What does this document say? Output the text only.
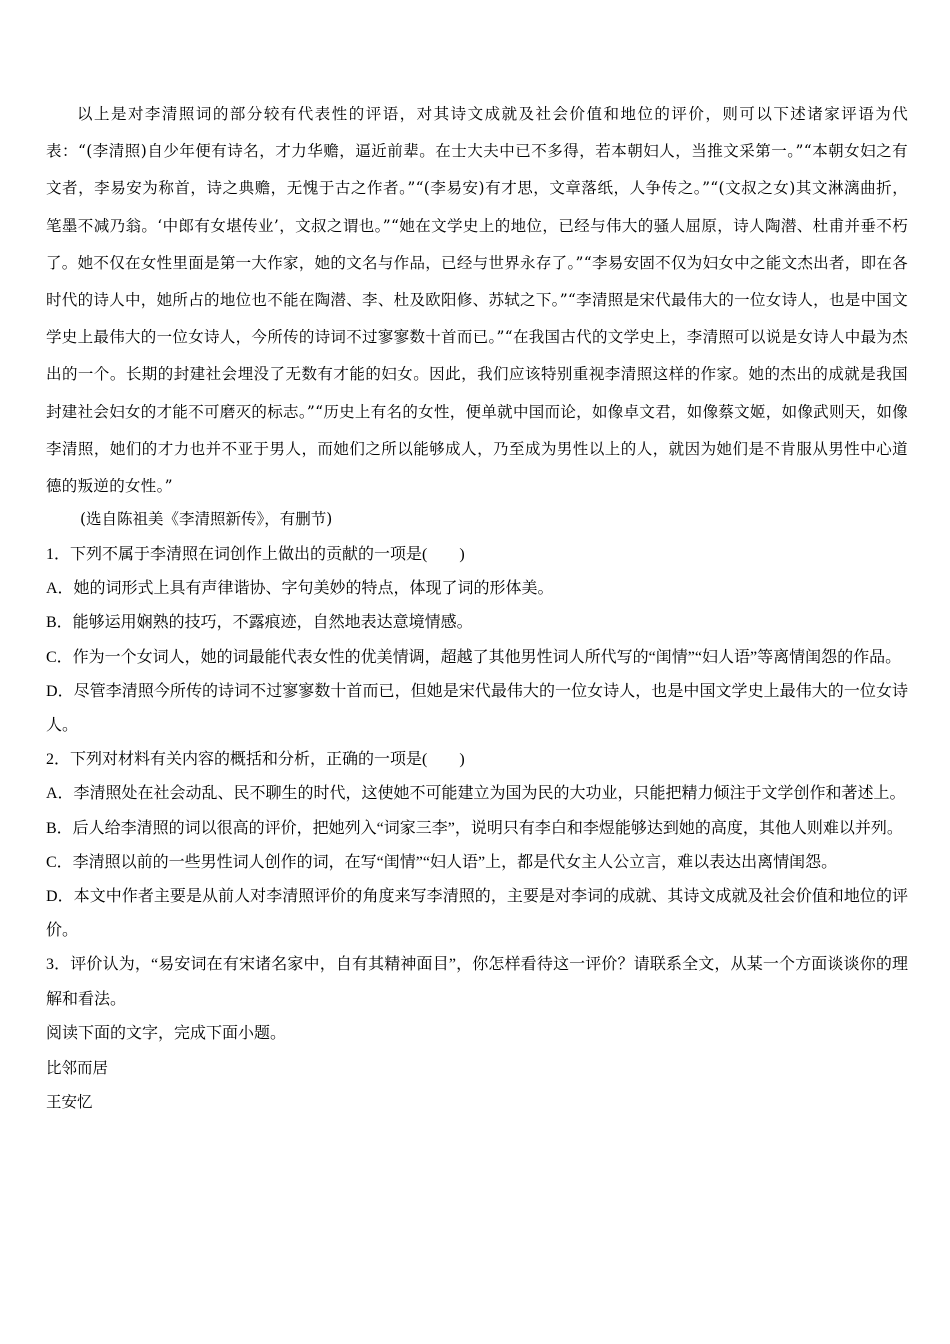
以上是对李清照词的部分较有代表性的评语，对其诗文成就及社会价值和地位的评价，则可以下述诸家评语为代表：“(李清照)自少年便有诗名，才力华赡，逼近前辈。在士大夫中已不多得，若本朝妇人，当推文采第一。”“本朝女妇之有文者，李易安为称首，诗之典赡，无愧于古之作者。”“(李易安)有才思，文章落纸，人争传之。”“(文叔之女)其文淋漓曲折，笔墨不减乃翁。‘中郎有女堪传业’，文叔之谓也。”“她在文学史上的地位，已经与伟大的骚人屈原，诗人陶潜、杜甫并垂不朽了。她不仅在女性里面是第一大作家，她的文名与作品，已经与世界永存了。”“李易安固不仅为妇女中之能文杰出者，即在各时代的诗人中，她所占的地位也不能在陶潜、李、杜及欧阳修、苏轼之下。”“李清照是宋代最伟大的一位女诗人，也是中国文学史上最伟大的一位女诗人，今所传的诗词不过寥寥数十首而已。”“在我国古代的文学史上，李清照可以说是女诗人中最为杰出的一个。长期的封建社会埋没了无数有才能的妇女。因此，我们应该特别重视李清照这样的作家。她的杰出的成就是我国封建社会妇女的才能不可磨灭的标志。”“历史上有名的女性，便单就中国而论，如像卓文君，如像蔡文姬，如像武则天，如像李清照，她们的才力也并不亚于男人，而她们之所以能够成人，乃至成为男性以上的人，就因为她们是不肯服从男性中心道德的叛逆的女性。”

(选自陈祖美《李清照新传》，有删节)

1．下列不属于李清照在词创作上做出的贡献的一项是(　　)

A．她的词形式上具有声律谐协、字句美妙的特点，体现了词的形体美。

B．能够运用娴熟的技巧，不露痕迹，自然地表达意境情感。

C．作为一个女词人，她的词最能代表女性的优美情调，超越了其他男性词人所代写的“闺情”“妇人语”等离情闺怨的作品。

D．尽管李清照今所传的诗词不过寥寥数十首而已，但她是宋代最伟大的一位女诗人，也是中国文学史上最伟大的一位女诗人。

2．下列对材料有关内容的概括和分析，正确的一项是(　　)

A．李清照处在社会动乱、民不聊生的时代，这使她不可能建立为国为民的大功业，只能把精力倾注于文学创作和著述上。

B．后人给李清照的词以很高的评价，把她列入“词家三李”，说明只有李白和李煜能够达到她的高度，其他人则难以并列。

C．李清照以前的一些男性词人创作的词，在写“闺情”“妇人语”上，都是代女主人公立言，难以表达出离情闺怨。

D．本文中作者主要是从前人对李清照评价的角度来写李清照的，主要是对李词的成就、其诗文成就及社会价值和地位的评价。

3．评价认为，“易安词在有宋诸名家中，自有其精神面目”，你怎样看待这一评价？请联系全文，从某一个方面谈谈你的理解和看法。

阅读下面的文字，完成下面小题。

比邻而居

王安忆
